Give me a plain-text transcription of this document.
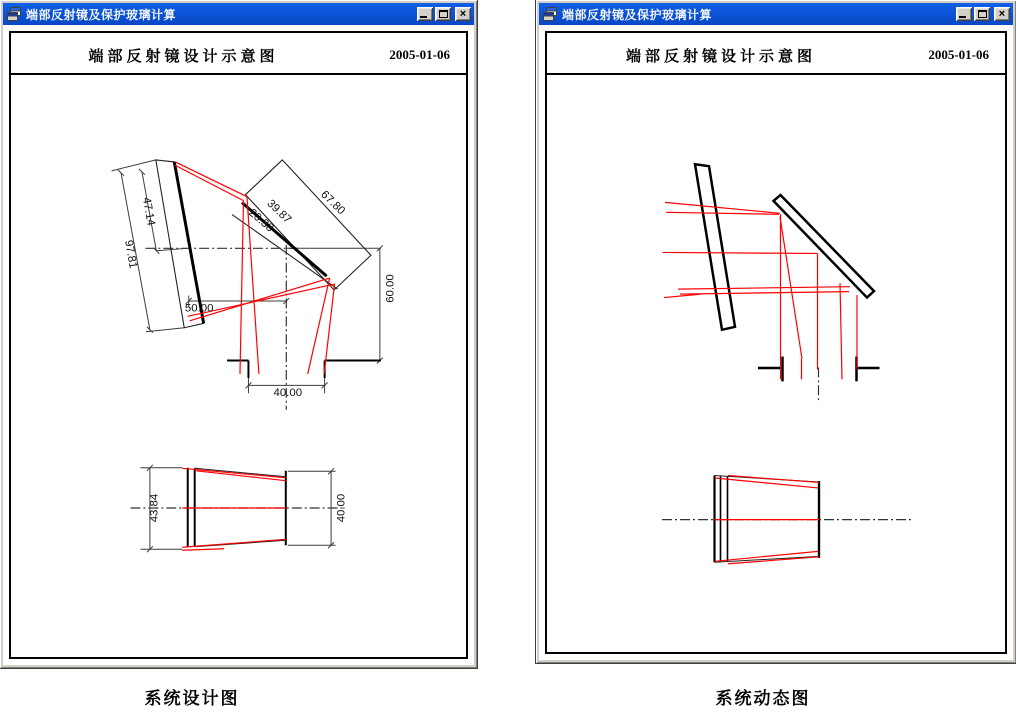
端部反射镜及保护玻璃计算	×
端部反射镜设计示意图	2005-01-06
47.14
97.81
67.80
39.87
20.38
50.00
60.00
40.00
43.84	40.00
端部反射镜及保护玻璃计算	×
端部反射镜设计示意图	2005-01-06
系统设计图	系统动态图
